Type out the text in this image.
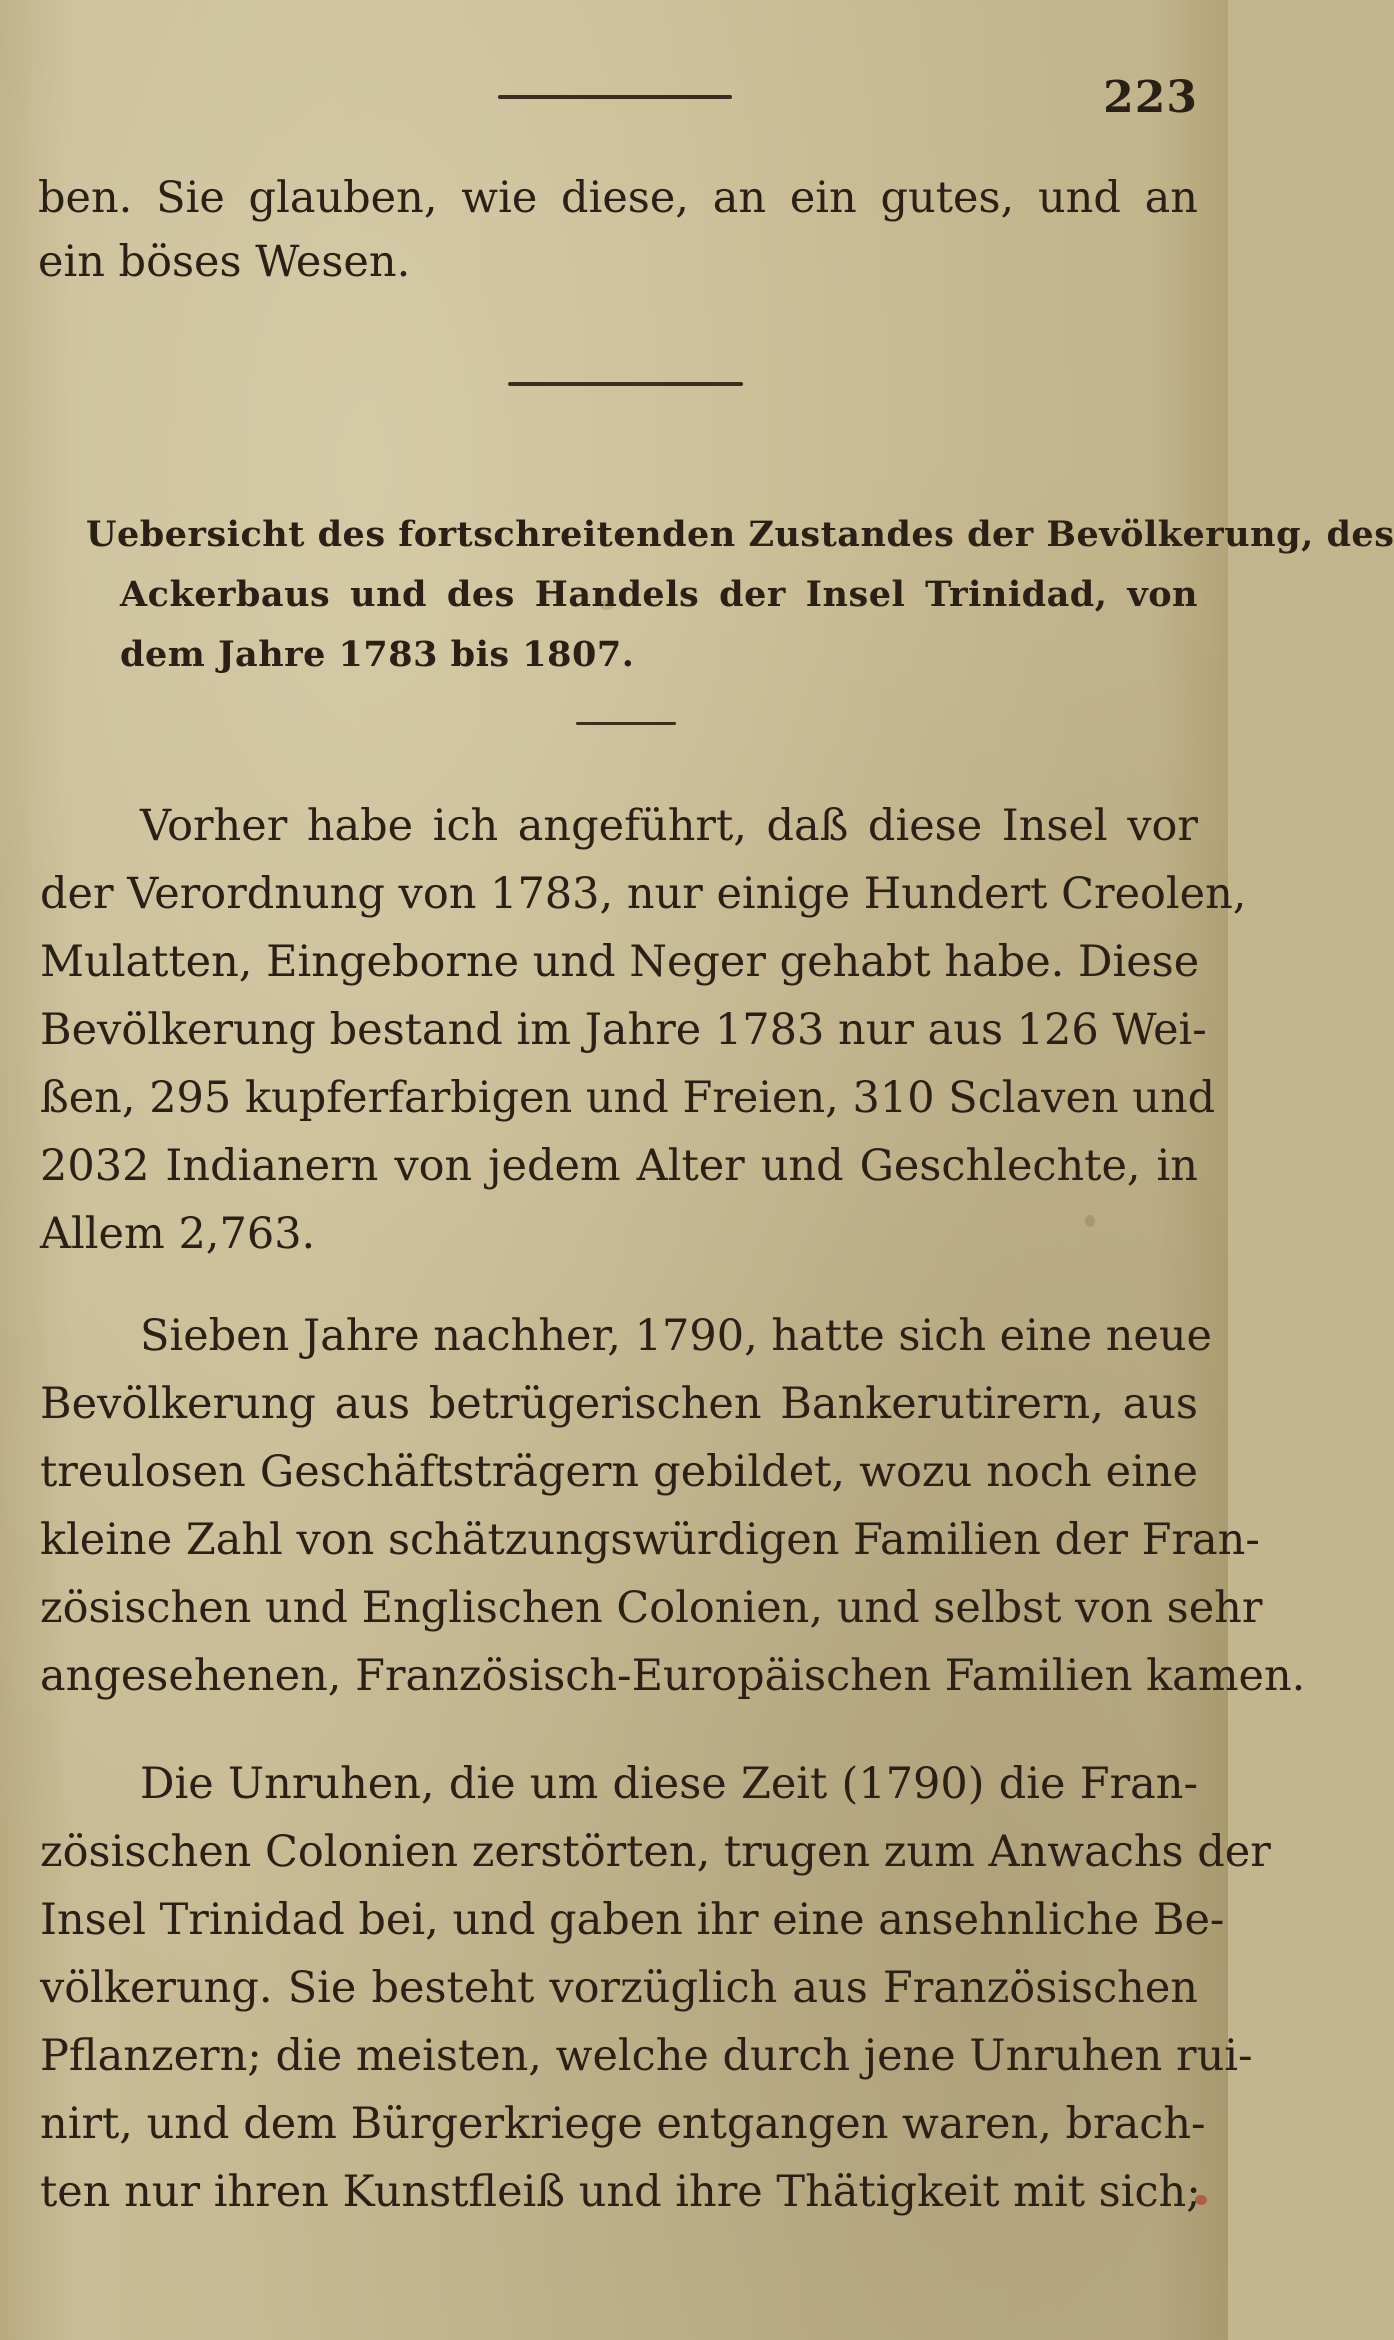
223
ben. Sie glauben, wie diese, an ein gutes, und an
ein böses Wesen.
Uebersicht des fortschreitenden Zustandes der Bevölkerung, des
Ackerbaus und des Handels der Insel Trinidad, von
dem Jahre 1783 bis 1807.
Vorher habe ich angeführt, daß diese Insel vor
der Verordnung von 1783, nur einige Hundert Creolen,
Mulatten, Eingeborne und Neger gehabt habe. Diese
Bevölkerung bestand im Jahre 1783 nur aus 126 Wei-
ßen, 295 kupferfarbigen und Freien, 310 Sclaven und
2032 Indianern von jedem Alter und Geschlechte, in
Allem 2,763.
Sieben Jahre nachher, 1790, hatte sich eine neue
Bevölkerung aus betrügerischen Bankerutirern, aus
treulosen Geschäftsträgern gebildet, wozu noch eine
kleine Zahl von schätzungswürdigen Familien der Fran-
zösischen und Englischen Colonien, und selbst von sehr
angesehenen, Französisch-Europäischen Familien kamen.
Die Unruhen, die um diese Zeit (1790) die Fran-
zösischen Colonien zerstörten, trugen zum Anwachs der
Insel Trinidad bei, und gaben ihr eine ansehnliche Be-
völkerung. Sie besteht vorzüglich aus Französischen
Pflanzern; die meisten, welche durch jene Unruhen rui-
nirt, und dem Bürgerkriege entgangen waren, brach-
ten nur ihren Kunstfleiß und ihre Thätigkeit mit sich;
